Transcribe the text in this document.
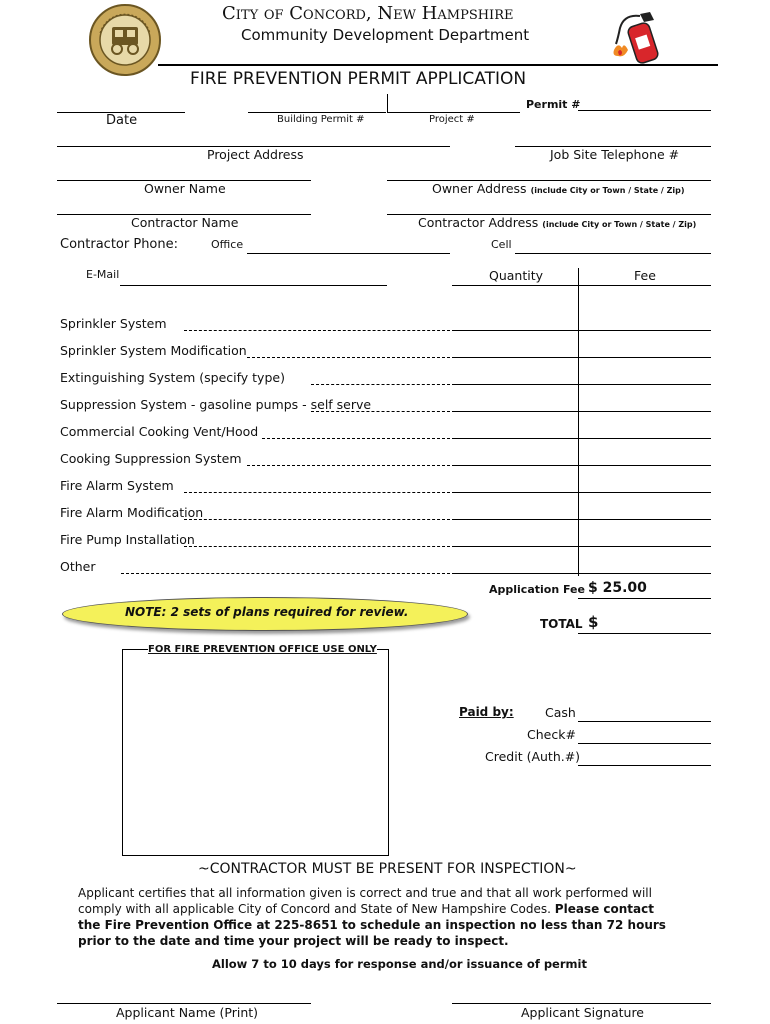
City of Concord, New Hampshire
Community Development Department
FIRE PREVENTION PERMIT APPLICATION
Date	Building Permit #	Project #
Permit #
Project Address	Job Site Telephone #
Owner Name	Owner Address (include City or Town / State / Zip)
Contractor Name	Contractor Address (include City or Town / State / Zip)
Contractor Phone:	Office	Cell
E-Mail	Quantity	Fee
Sprinkler System
Sprinkler System Modification
Extinguishing System (specify type)
Suppression System - gasoline pumps - self serve
Commercial Cooking Vent/Hood
Cooking Suppression System
Fire Alarm System
Fire Alarm Modification
Fire Pump Installation
Other
Application Fee $ 25.00
NOTE: 2 sets of plans required for review.
TOTAL $
FOR FIRE PREVENTION OFFICE USE ONLY
Paid by:	Cash
Check#
Credit (Auth.#)
~CONTRACTOR MUST BE PRESENT FOR INSPECTION~
Applicant certifies that all information given is correct and true and that all work performed will comply with all applicable City of Concord and State of New Hampshire Codes. Please contact the Fire Prevention Office at 225-8651 to schedule an inspection no less than 72 hours prior to the date and time your project will be ready to inspect.
Allow 7 to 10 days for response and/or issuance of permit
Applicant Name (Print)	Applicant Signature
